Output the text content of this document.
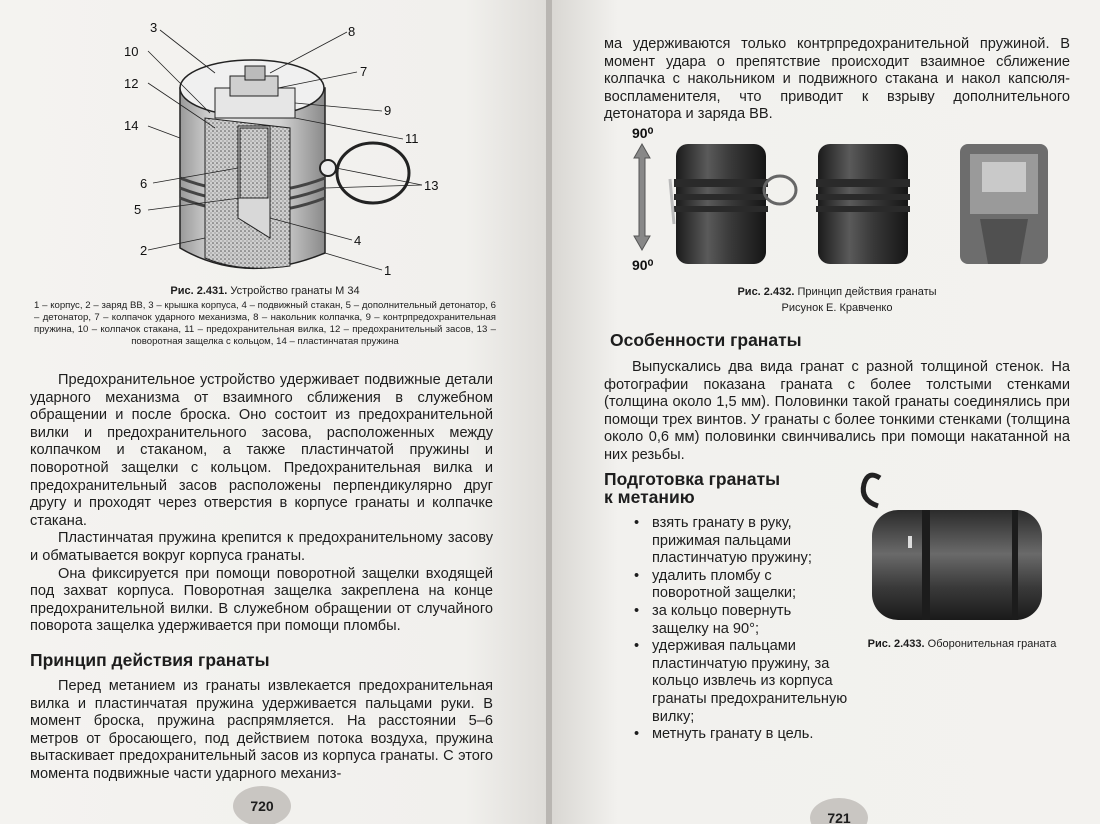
3
10
12
14
6
5
2
8
7
9
11
13
4
1
Рис. 2.431. Устройство гранаты М 34
1 – корпус, 2 – заряд ВВ, 3 – крышка корпуса, 4 – подвижный стакан, 5 – дополнительный детонатор, 6 – детонатор, 7 – колпачок ударного механизма, 8 – накольник колпачка, 9 – контрпредохранительная пружина, 10 – колпачок стакана, 11 – предохранительная вилка, 12 – предохранительный засов, 13 – поворотная защелка с кольцом, 14 – пластинчатая пружина

Предохранительное устройство удерживает подвижные детали ударного механизма от взаимного сближения в служебном обращении и после броска. Оно состоит из предохранительной вилки и предохранительного засова, расположенных между колпачком и стаканом, а также пластинчатой пружины и поворотной защелки с кольцом. Предохранительная вилка и предохранительный засов расположены перпендикулярно друг другу и проходят через отверстия в корпусе гранаты и колпачке стакана.

Пластинчатая пружина крепится к предохранительному засову и обматывается вокруг корпуса гранаты.

Она фиксируется при помощи поворотной защелки входящей под захват корпуса. Поворотная защелка закреплена на конце предохранительной вилки. В служебном обращении от случайного поворота защелка удерживается при помощи пломбы.

Принцип действия гранаты

Перед метанием из гранаты извлекается предохранительная вилка и пластинчатая пружина удерживается пальцами руки. В момент броска, пружина распрямляется. На расстоянии 5–6 метров от бросающего, под действием потока воздуха, пружина вытаскивает предохранительный засов из корпуса гранаты. С этого момента подвижные части ударного механиз-

720

ма удерживаются только контрпредохранительной пружиной. В момент удара о препятствие происходит взаимное сближение колпачка с накольником и подвижного стакана и накол капсюля-воспламенителя, что приводит к взрыву дополнительного детонатора и заряда ВВ.

90⁰
90⁰
Рис. 2.432. Принцип действия гранаты
Рисунок Е. Кравченко
Особенности гранаты

Выпускались два вида гранат с разной толщиной стенок. На фотографии показана граната с более толстыми стенками (толщина около 1,5 мм). Половинки такой гранаты соединялись при помощи трех винтов. У гранаты с более тонкими стенками (толщина около 0,6 мм) половинки свинчивались при помощи накатанной на них резьбы.

Подготовка гранаты
к метанию
• взять гранату в руку, прижимая пальцами пластинчатую пружину;
• удалить пломбу с поворотной защелки;
• за кольцо повернуть защелку на 90°;
• удерживая пальцами пластинчатую пружину, за кольцо извлечь из корпуса гранаты предохранительную вилку;
• метнуть гранату в цель.
Рис. 2.433. Оборонительная граната
721
